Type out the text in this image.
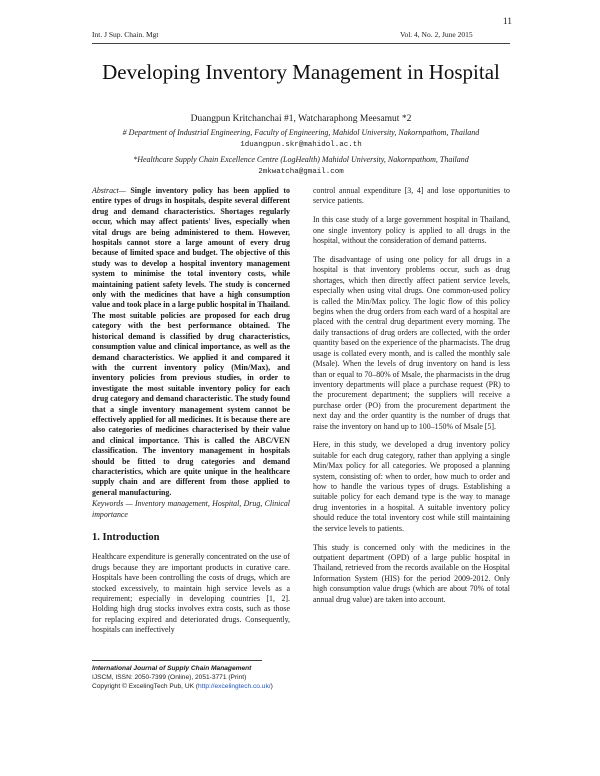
11
Int. J Sup. Chain. Mgt	Vol. 4, No. 2, June 2015
Developing Inventory Management in Hospital
Duangpun Kritchanchai #1, Watcharaphong Meesamut *2
# Department of Industrial Engineering, Faculty of Engineering, Mahidol University, Nakornpathom, Thailand
1duangpun.skr@mahidol.ac.th
*Healthcare Supply Chain Excellence Centre (LogHealth) Mahidol University, Nakornpathom, Thailand
2mkwatcha@gmail.com
Abstract— Single inventory policy has been applied to entire types of drugs in hospitals, despite several different drug and demand characteristics. Shortages regularly occur, which may affect patients' lives, especially when vital drugs are being administered to them. However, hospitals cannot store a large amount of every drug because of limited space and budget. The objective of this study was to develop a hospital inventory management system to minimise the total inventory costs, while maintaining patient safety levels. The study is concerned only with the medicines that have a high consumption value and took place in a large public hospital in Thailand. The most suitable policies are proposed for each drug category with the best performance obtained. The historical demand is classified by drug characteristics, consumption value and clinical importance, as well as the demand characteristics. We applied it and compared it with the current inventory policy (Min/Max), and inventory policies from previous studies, in order to investigate the most suitable inventory policy for each drug category and demand characteristic. The study found that a single inventory management system cannot be effectively applied for all medicines. It is because there are also categories of medicines characterised by their value and clinical importance. This is called the ABC/VEN classification. The inventory management in hospitals should be fitted to drug categories and demand characteristics, which are quite unique in the healthcare supply chain and are different from those applied to general manufacturing.
Keywords — Inventory management, Hospital, Drug, Clinical importance
1. Introduction

Healthcare expenditure is generally concentrated on the use of drugs because they are important products in curative care. Hospitals have been controlling the costs of drugs, which are stocked excessively, to maintain high service levels as a requirement; especially in developing countries [1, 2]. Holding high drug stocks involves extra costs, such as those for replacing expired and deteriorated drugs. Consequently, hospitals can ineffectively

control annual expenditure [3, 4] and lose opportunities to service patients.

In this case study of a large government hospital in Thailand, one single inventory policy is applied to all drugs in the hospital, without the consideration of demand patterns.

The disadvantage of using one policy for all drugs in a hospital is that inventory problems occur, such as drug shortages, which then directly affect patient service levels, especially when using vital drugs. One common-used policy is called the Min/Max policy. The logic flow of this policy begins when the drug orders from each ward of a hospital are placed with the central drug department every morning. The daily transactions of drug orders are collected, with the order quantity based on the experience of the pharmacists. The drug usage is collated every month, and is called the monthly sale (Msale). When the levels of drug inventory on hand is less than or equal to 70–80% of Msale, the pharmacists in the drug inventory departments will place a purchase request (PR) to the procurement department; the suppliers will receive a purchase order (PO) from the procurement department the next day and the order quantity is the number of drugs that raise the inventory on hand up to 100–150% of Msale [5].

Here, in this study, we developed a drug inventory policy suitable for each drug category, rather than applying a single Min/Max policy for all categories. We proposed a planning system, consisting of: when to order, how much to order and how to handle the various types of drugs. Establishing a suitable policy for each demand type is the way to manage drug inventories in a hospital. A suitable inventory policy should reduce the total inventory cost while still maintaining the service levels to patients.

This study is concerned only with the medicines in the outpatient department (OPD) of a large public hospital in Thailand, retrieved from the records available on the Hospital Information System (HIS) for the period 2009-2012. Only high consumption value drugs (which are about 70% of total annual drug value) are taken into account.

International Journal of Supply Chain Management
IJSCM, ISSN: 2050-7399 (Online), 2051-3771 (Print)
Copyright © ExcelingTech Pub, UK (http://excelingtech.co.uk/)
